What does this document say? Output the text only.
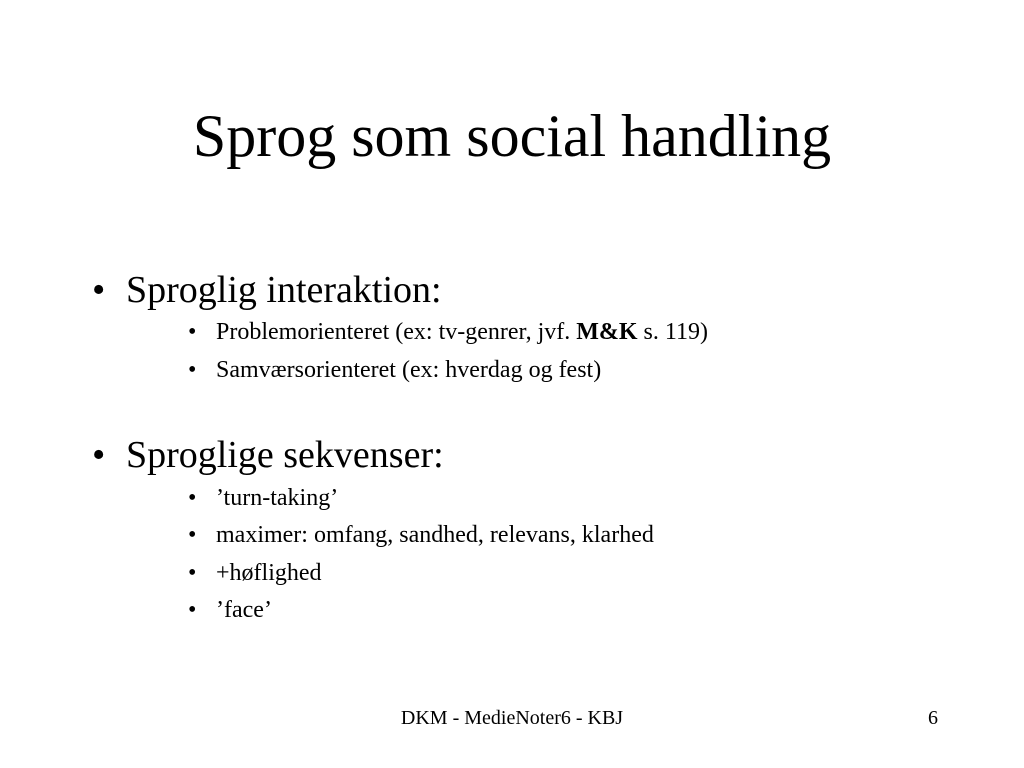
Sprog som social handling
• Sproglig interaktion:
• Problemorienteret (ex: tv-genrer, jvf. M&K s. 119)
• Samværsorienteret (ex: hverdag og fest)
• Sproglige sekvenser:
• ’turn-taking’
• maximer: omfang, sandhed, relevans, klarhed
• +høflighed
• ’face’
DKM - MedieNoter6 - KBJ	6
